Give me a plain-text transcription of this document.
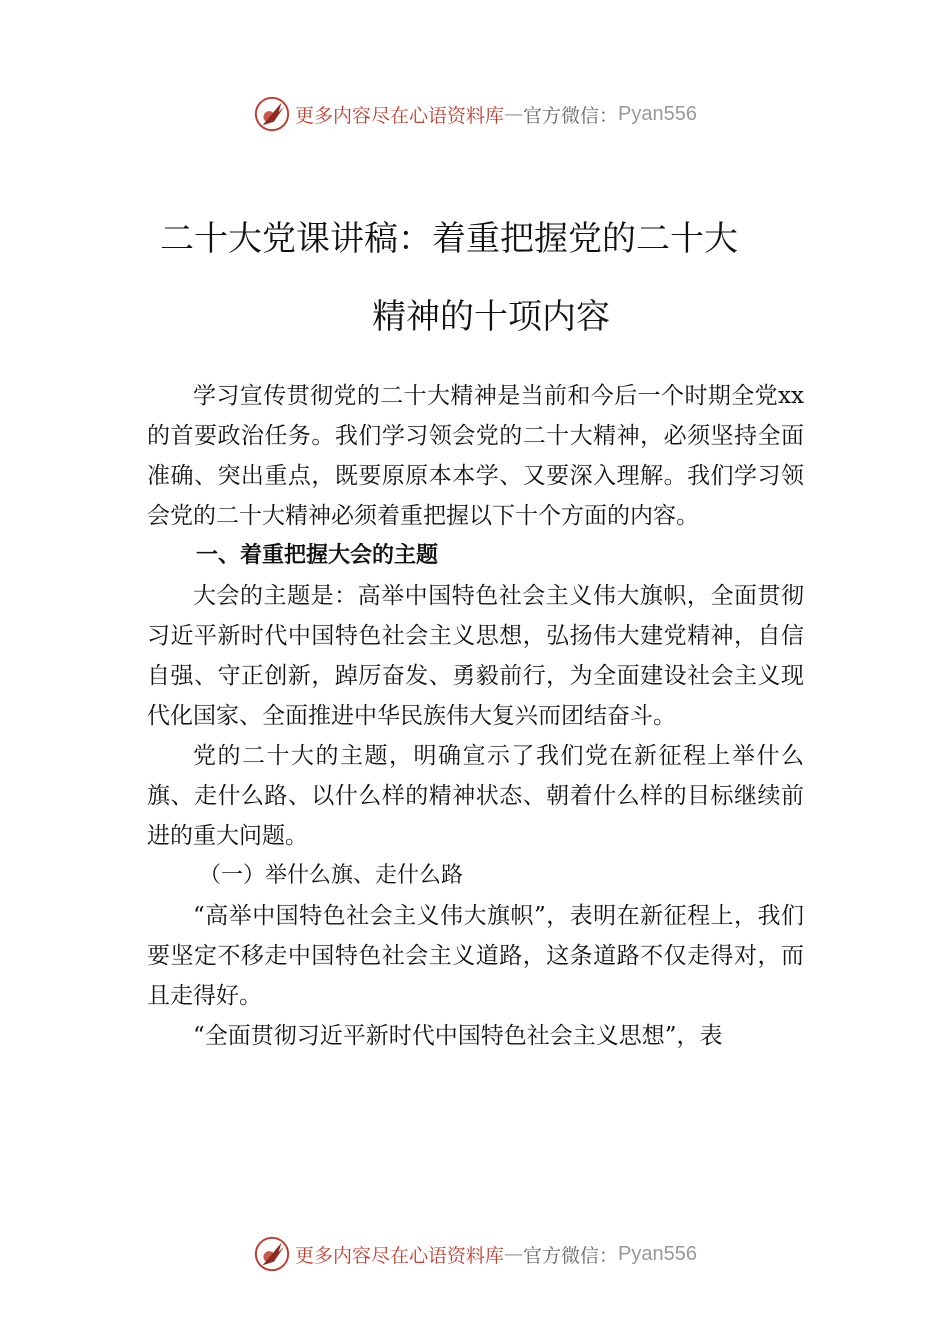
更多内容尽在心语资料库 — 官方微信： Pyan556
二十大党课讲稿：着重把握党的二十大
精神的十项内容

学习宣传贯彻党的二十大精神是当前和今后一个时期全党xx的首要政治任务。我们学习领会党的二十大精神，必须坚持全面准确、突出重点，既要原原本本学、又要深入理解。我们学习领会党的二十大精神必须着重把握以下十个方面的内容。

一、着重把握大会的主题

大会的主题是：高举中国特色社会主义伟大旗帜，全面贯彻习近平新时代中国特色社会主义思想，弘扬伟大建党精神，自信自强、守正创新，踔厉奋发、勇毅前行，为全面建设社会主义现代化国家、全面推进中华民族伟大复兴而团结奋斗。

党的二十大的主题，明确宣示了我们党在新征程上举什么旗、走什么路、以什么样的精神状态、朝着什么样的目标继续前进的重大问题。

（一）举什么旗、走什么路

“高举中国特色社会主义伟大旗帜”，表明在新征程上，我们要坚定不移走中国特色社会主义道路，这条道路不仅走得对，而且走得好。

“全面贯彻习近平新时代中国特色社会主义思想”，表

更多内容尽在心语资料库 — 官方微信： Pyan556
